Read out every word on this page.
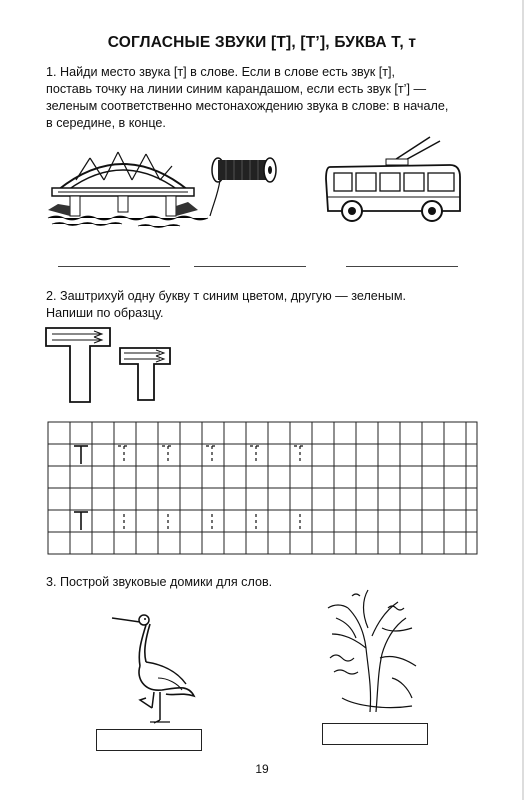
СОГЛАСНЫЕ ЗВУКИ [Т], [Т’], БУКВА Т, т
1. Найди место звука [т] в слове. Если в слове есть звук [т],
поставь точку на линии синим карандашом, если есть звук [т’] —
зеленым соответственно местонахождению звука в слове: в начале,
в середине, в конце.
2. Заштрихуй одну букву т синим цветом, другую — зеленым.
Напиши по образцу.
3. Построй звуковые домики для слов.
19
